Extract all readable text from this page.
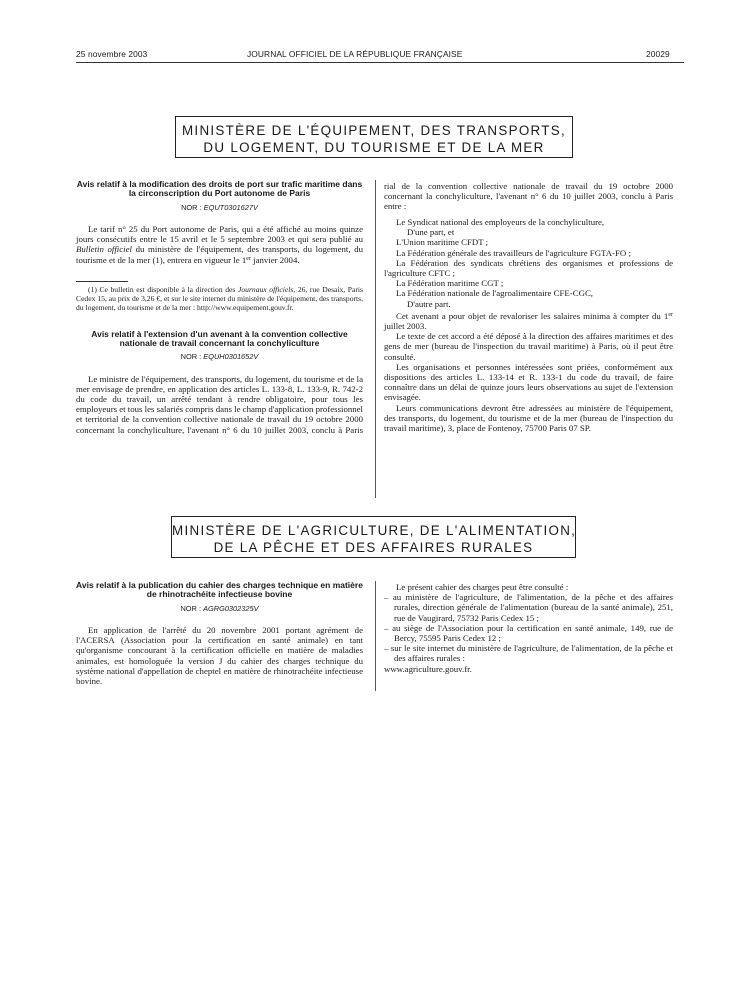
25 novembre 2003	JOURNAL OFFICIEL DE LA RÉPUBLIQUE FRANÇAISE	20029
MINISTÈRE DE L'ÉQUIPEMENT, DES TRANSPORTS,
DU LOGEMENT, DU TOURISME ET DE LA MER
Avis relatif à la modification des droits de port sur trafic maritime dans la circonscription du Port autonome de Paris
NOR : EQUT0301627V

Le tarif n° 25 du Port autonome de Paris, qui a été affiché au moins quinze jours consécutifs entre le 15 avril et le 5 septembre 2003 et qui sera publié au Bulletin officiel du ministère de l'équipement, des transports, du logement, du tourisme et de la mer (1), entrera en vigueur le 1er janvier 2004.

(1) Ce bulletin est disponible à la direction des Journaux officiels, 26, rue Desaix, Paris Cedex 15, au prix de 3,26 €, et sur le site internet du ministère de l'équipement, des transports, du logement, du tourisme et de la mer : http://www.equipement.gouv.fr.

Avis relatif à l'extension d'un avenant à la convention collective nationale de travail concernant la conchyliculture
NOR : EQUH0301652V

Le ministre de l'équipement, des transports, du logement, du tourisme et de la mer envisage de prendre, en application des articles L. 133-8, L. 133-9, R. 742-2 du code du travail, un arrêté tendant à rendre obligatoire, pour tous les employeurs et tous les salariés compris dans le champ d'application professionnel et territorial de la convention collective nationale de travail du 19 octobre 2000 concernant la conchyliculture, l'avenant n° 6 du 10 juillet 2003, conclu à Paris

rial de la convention collective nationale de travail du 19 octobre 2000 concernant la conchyliculture, l'avenant n° 6 du 10 juillet 2003, conclu à Paris entre :

Le Syndicat national des employeurs de la conchyliculture,

D'une part, et

L'Union maritime CFDT ;

La Fédération générale des travailleurs de l'agriculture FGTA-FO ;

La Fédération des syndicats chrétiens des organismes et professions de l'agriculture CFTC ;

La Fédération maritime CGT ;

La Fédération nationale de l'agroalimentaire CFE-CGC,

D'autre part.

Cet avenant a pour objet de revaloriser les salaires minima à compter du 1er juillet 2003.

Le texte de cet accord a été déposé à la direction des affaires maritimes et des gens de mer (bureau de l'inspection du travail maritime) à Paris, où il peut être consulté.

Les organisations et personnes intéressées sont priées, conformément aux dispositions des articles L. 133-14 et R. 133-1 du code du travail, de faire connaître dans un délai de quinze jours leurs observations au sujet de l'extension envisagée.

Leurs communications devront être adressées au ministère de l'équipement, des transports, du logement, du tourisme et de la mer (bureau de l'inspection du travail maritime), 3, place de Fontenoy, 75700 Paris 07 SP.

MINISTÈRE DE L'AGRICULTURE, DE L'ALIMENTATION,
DE LA PÊCHE ET DES AFFAIRES RURALES
Avis relatif à la publication du cahier des charges technique en matière de rhinotrachéite infectieuse bovine
NOR : AGRG0302325V

En application de l'arrêté du 20 novembre 2001 portant agrément de l'ACERSA (Association pour la certification en santé animale) en tant qu'organisme concourant à la certification officielle en matière de maladies animales, est homologuée la version J du cahier des charges technique du système national d'appellation de cheptel en matière de rhinotrachéite infectieuse bovine.

Le présent cahier des charges peut être consulté :

– au ministère de l'agriculture, de l'alimentation, de la pêche et des affaires rurales, direction générale de l'alimentation (bureau de la santé animale), 251, rue de Vaugirard, 75732 Paris Cedex 15 ;
– au siège de l'Association pour la certification en santé animale, 149, rue de Bercy, 75595 Paris Cedex 12 ;
– sur le site internet du ministère de l'agriculture, de l'alimentation, de la pêche et des affaires rurales :

www.agriculture.gouv.fr.
